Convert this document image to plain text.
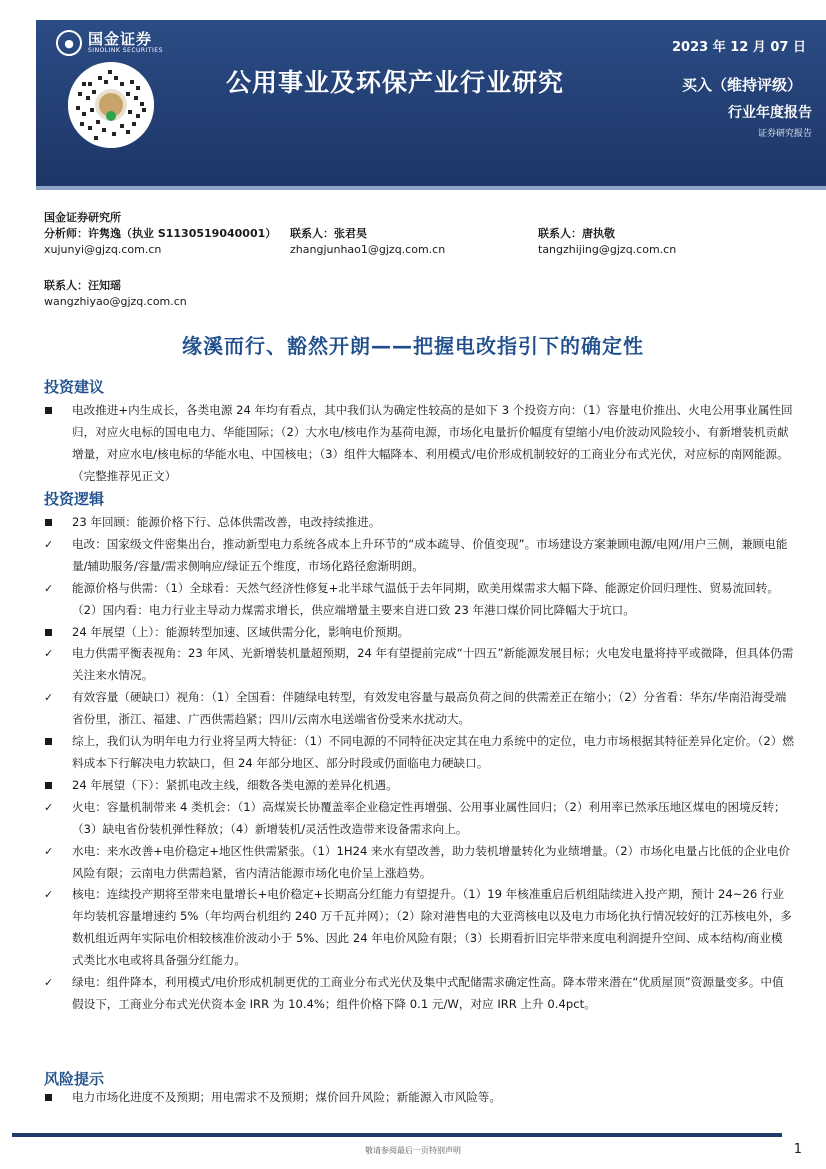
● 国金证券
SINOLINK SECURITIES
公用事业及环保产业行业研究
2023 年 12 月 07 日
买入（维持评级）
行业年度报告
证券研究报告
国金证券研究所
分析师：许隽逸（执业 S1130519040001）	联系人：张君昊	联系人：唐执敬
xujunyi@gjzq.com.cn	zhangjunhao1@gjzq.com.cn	tangzhijing@gjzq.com.cn
联系人：汪知瑶
wangzhiyao@gjzq.com.cn
缘溪而行、豁然开朗——把握电改指引下的确定性
投资建议
电改推进+内生成长，各类电源 24 年均有看点，其中我们认为确定性较高的是如下 3 个投资方向：（1）容量电价推出、火电公用事业属性回归，对应火电标的国电电力、华能国际；（2）大水电/核电作为基荷电源，市场化电量折价幅度有望缩小/电价波动风险较小、有新增装机贡献增量，对应水电/核电标的华能水电、中国核电；（3）组件大幅降本、利用模式/电价形成机制较好的工商业分布式光伏，对应标的南网能源。（完整推荐见正文）
投资逻辑
23 年回顾：能源价格下行、总体供需改善，电改持续推进。
✓	电改：国家级文件密集出台，推动新型电力系统各成本上升环节的“成本疏导、价值变现”。市场建设方案兼顾电源/电网/用户三侧，兼顾电能量/辅助服务/容量/需求侧响应/绿证五个维度，市场化路径愈渐明朗。
✓	能源价格与供需：（1）全球看：天然气经济性修复+北半球气温低于去年同期，欧美用煤需求大幅下降、能源定价回归理性、贸易流回转。（2）国内看：电力行业主导动力煤需求增长，供应端增量主要来自进口致 23 年港口煤价同比降幅大于坑口。
24 年展望（上）：能源转型加速、区域供需分化，影响电价预期。
✓	电力供需平衡表视角：23 年风、光新增装机量超预期，24 年有望提前完成“十四五”新能源发展目标；火电发电量将持平或微降，但具体仍需关注来水情况。
✓	有效容量（硬缺口）视角：（1）全国看：伴随绿电转型，有效发电容量与最高负荷之间的供需差正在缩小；（2）分省看：华东/华南沿海受端省份里，浙江、福建、广西供需趋紧；四川/云南水电送端省份受来水扰动大。
综上，我们认为明年电力行业将呈两大特征：（1）不同电源的不同特征决定其在电力系统中的定位，电力市场根据其特征差异化定价。（2）燃料成本下行解决电力软缺口，但 24 年部分地区、部分时段或仍面临电力硬缺口。
24 年展望（下）：紧抓电改主线，细数各类电源的差异化机遇。
✓	火电：容量机制带来 4 类机会：（1）高煤炭长协覆盖率企业稳定性再增强、公用事业属性回归；（2）利用率已然承压地区煤电的困境反转；（3）缺电省份装机弹性释放；（4）新增装机/灵活性改造带来设备需求向上。
✓	水电：来水改善+电价稳定+地区性供需紧张。（1）1H24 来水有望改善，助力装机增量转化为业绩增量。（2）市场化电量占比低的企业电价风险有限；云南电力供需趋紧，省内清洁能源市场化电价呈上涨趋势。
✓	核电：连续投产期将至带来电量增长+电价稳定+长期高分红能力有望提升。（1）19 年核准重启后机组陆续进入投产期，预计 24~26 行业年均装机容量增速约 5%（年均两台机组约 240 万千瓦并网）；（2）除对港售电的大亚湾核电以及电力市场化执行情况较好的江苏核电外，多数机组近两年实际电价相较核准价波动小于 5%、因此 24 年电价风险有限；（3）长期看折旧完毕带来度电利润提升空间、成本结构/商业模式类比水电或将具备强分红能力。
✓	绿电：组件降本，利用模式/电价形成机制更优的工商业分布式光伏及集中式配储需求确定性高。降本带来潜在“优质屋顶”资源量变多。中值假设下，工商业分布式光伏资本金 IRR 为 10.4%；组件价格下降 0.1 元/W，对应 IRR 上升 0.4pct。
风险提示
电力市场化进度不及预期；用电需求不及预期；煤价回升风险；新能源入市风险等。
敬请参阅最后一页特别声明	1
